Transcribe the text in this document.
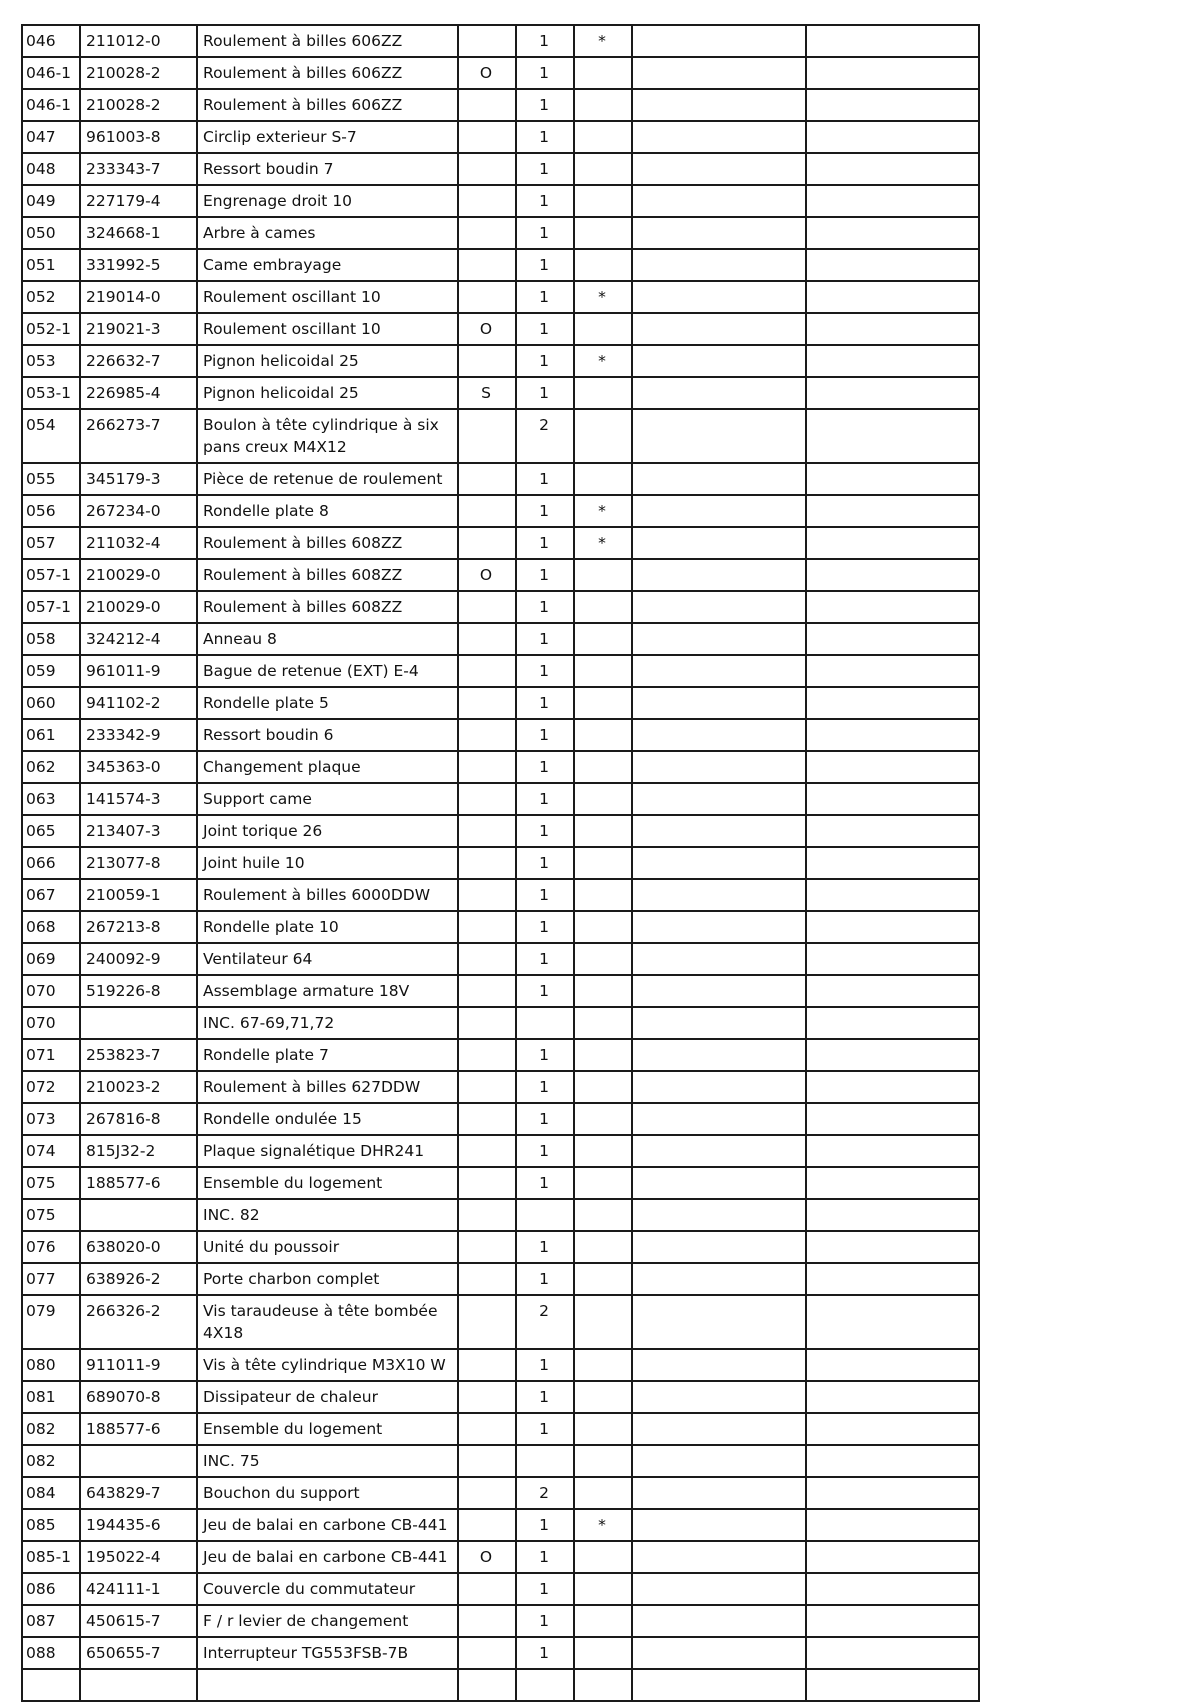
046	211012-0	Roulement à billes 606ZZ		1	*		
046-1	210028-2	Roulement à billes 606ZZ	O	1			
046-1	210028-2	Roulement à billes 606ZZ		1			
047	961003-8	Circlip exterieur S-7		1			
048	233343-7	Ressort boudin 7		1			
049	227179-4	Engrenage droit 10		1			
050	324668-1	Arbre à cames		1			
051	331992-5	Came embrayage		1			
052	219014-0	Roulement oscillant 10		1	*		
052-1	219021-3	Roulement oscillant 10	O	1			
053	226632-7	Pignon helicoidal 25		1	*		
053-1	226985-4	Pignon helicoidal 25	S	1			
054	266273-7	Boulon à tête cylindrique à six pans creux M4X12		2			
055	345179-3	Pièce de retenue de roulement		1			
056	267234-0	Rondelle plate 8		1	*		
057	211032-4	Roulement à billes 608ZZ		1	*		
057-1	210029-0	Roulement à billes 608ZZ	O	1			
057-1	210029-0	Roulement à billes 608ZZ		1			
058	324212-4	Anneau 8		1			
059	961011-9	Bague de retenue (EXT) E-4		1			
060	941102-2	Rondelle plate 5		1			
061	233342-9	Ressort boudin 6		1			
062	345363-0	Changement plaque		1			
063	141574-3	Support came		1			
065	213407-3	Joint torique 26		1			
066	213077-8	Joint huile 10		1			
067	210059-1	Roulement à billes 6000DDW		1			
068	267213-8	Rondelle plate 10		1			
069	240092-9	Ventilateur 64		1			
070	519226-8	Assemblage armature 18V		1			
070		INC. 67-69,71,72					
071	253823-7	Rondelle plate 7		1			
072	210023-2	Roulement à billes 627DDW		1			
073	267816-8	Rondelle ondulée 15		1			
074	815J32-2	Plaque signalétique DHR241		1			
075	188577-6	Ensemble du logement		1			
075		INC. 82					
076	638020-0	Unité du poussoir		1			
077	638926-2	Porte charbon complet		1			
079	266326-2	Vis taraudeuse à tête bombée 4X18		2			
080	911011-9	Vis à tête cylindrique M3X10 W		1			
081	689070-8	Dissipateur de chaleur		1			
082	188577-6	Ensemble du logement		1			
082		INC. 75					
084	643829-7	Bouchon du support		2			
085	194435-6	Jeu de balai en carbone CB-441		1	*		
085-1	195022-4	Jeu de balai en carbone CB-441	O	1			
086	424111-1	Couvercle du commutateur		1			
087	450615-7	F / r levier de changement		1			
088	650655-7	Interrupteur TG553FSB-7B		1			
